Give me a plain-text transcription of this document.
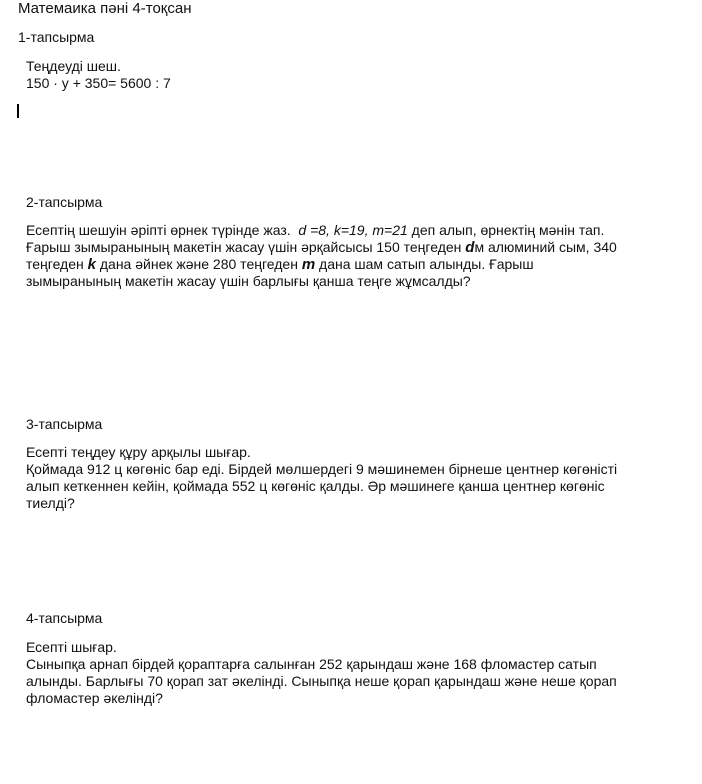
Матемаика пәні 4-тоқсан
1-тапсырма
Теңдеуді шеш.
150 · у + 350= 5600 : 7
2-тапсырма
Есептің шешуін әріпті өрнек түрінде жаз. d =8, k=19, m=21 деп алып, өрнектің мәнін тап.
Ғарыш зымыранының макетін жасау үшін әрқайсысы 150 теңгеден dм алюминий сым, 340
теңгеден k дана әйнек және 280 теңгеден m дана шам сатып алынды. Ғарыш
зымыранының макетін жасау үшін барлығы қанша теңге жұмсалды?
3-тапсырма
Есепті теңдеу құру арқылы шығар.
Қоймада 912 ц көгөніс бар еді. Бірдей мөлшердегі 9 мәшинемен бірнеше центнер көгөністі
алып кеткеннен кейін, қоймада 552 ц көгөніс қалды. Әр мәшинеге қанша центнер көгөніс
тиелді?
4-тапсырма
Есепті шығар.
Сыныпқа арнап бірдей қораптарға салынған 252 қарындаш және 168 фломастер сатып
алынды. Барлығы 70 қорап зат әкелінді. Сыныпқа неше қорап қарындаш және неше қорап
фломастер әкелінді?
